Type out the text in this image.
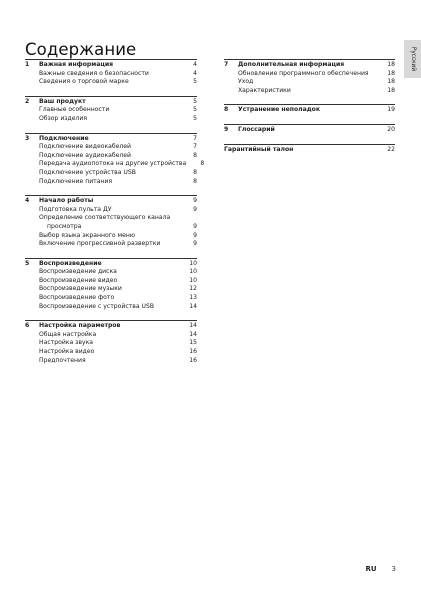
Содержание	Русский
1	Важная информация	4
Важные сведения о безопасности	4
Сведения о торговой марке	5
2	Ваш продукт	5
Главные особенности	5
Обзор изделия	5
3	Подключение	7
Подключение видеокабелей	7
Подключение аудиокабелей	8
Передача аудиопотока на другие устройства	8
Подключение устройства USB	8
Подключение питания	8
4	Начало работы	9
Подготовка пульта ДУ	9
Определение соответствующего канала
просмотра	9
Выбор языка экранного меню	9
Включение прогрессивной развертки	9
5	Воспроизведение	10
Воспроизведение диска	10
Воспроизведение видео	10
Воспроизведение музыки	12
Воспроизведение фото	13
Воспроизведение с устройства USB	14
6	Настройка параметров	14
Общая настройка	14
Настройка звука	15
Настройка видео	16
Предпочтения	16
7	Дополнительная информация	18
Обновление программного обеспечения	18
Уход	18
Характеристики	18
8	Устранение неполадок	19
9	Глоссарий	20
Гарантийный талон	22
RU 3
